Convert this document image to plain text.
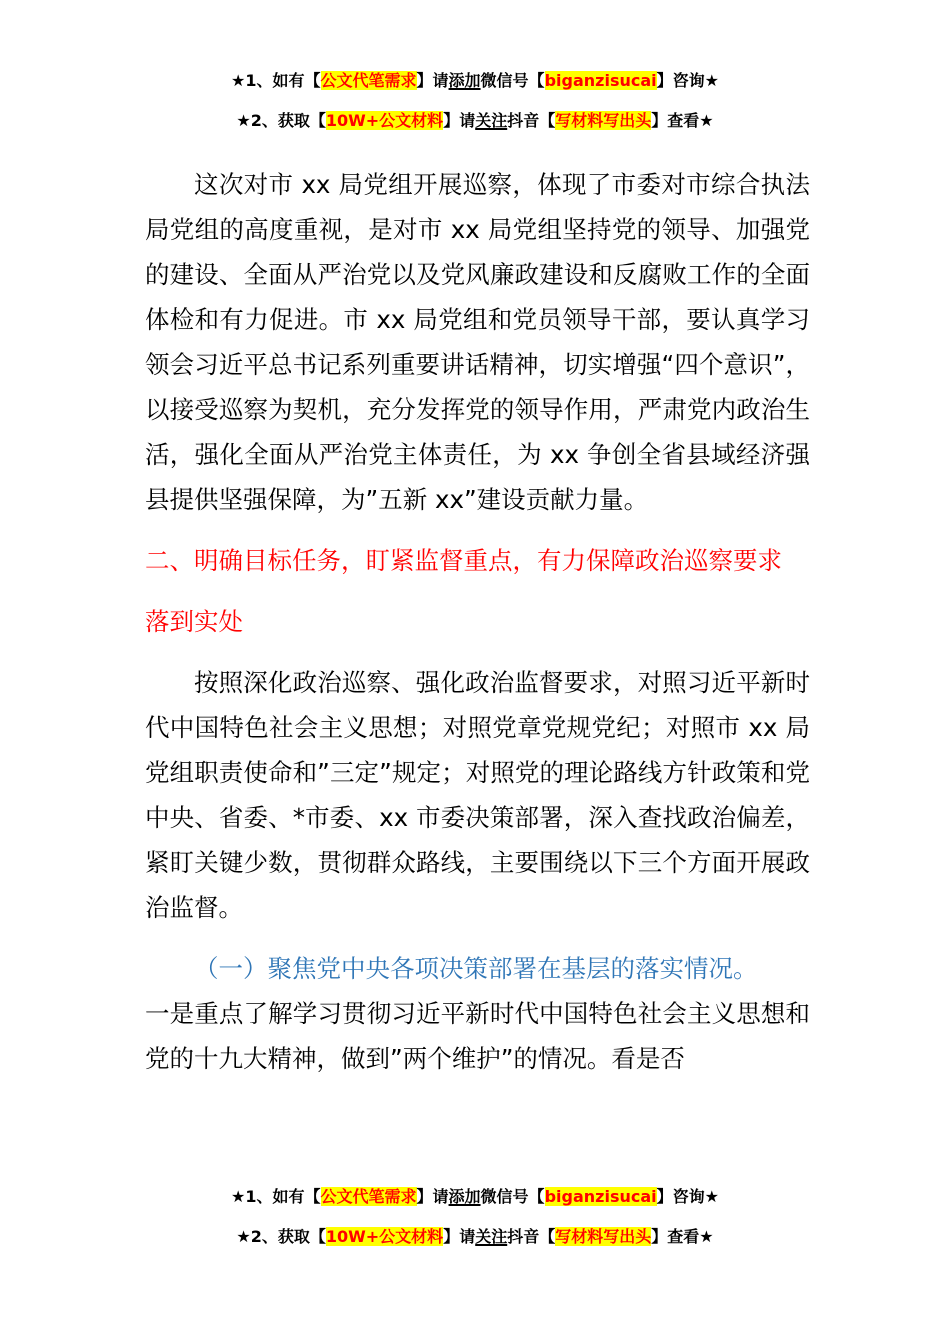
★1、如有【公文代笔需求】请添加微信号【biganzisucai】咨询★
★2、获取【10W+公文材料】请关注抖音【写材料写出头】查看★

这次对市 xx 局党组开展巡察，体现了市委对市综合执法局党组的高度重视，是对市 xx 局党组坚持党的领导、加强党的建设、全面从严治党以及党风廉政建设和反腐败工作的全面体检和有力促进。市 xx 局党组和党员领导干部，要认真学习领会习近平总书记系列重要讲话精神，切实增强“四个意识”，以接受巡察为契机，充分发挥党的领导作用，严肃党内政治生活，强化全面从严治党主体责任，为 xx 争创全省县域经济强县提供坚强保障，为”五新 xx”建设贡献力量。

二、明确目标任务，盯紧监督重点，有力保障政治巡察要求

落到实处

按照深化政治巡察、强化政治监督要求，对照习近平新时代中国特色社会主义思想；对照党章党规党纪；对照市 xx 局党组职责使命和”三定”规定；对照党的理论路线方针政策和党中央、省委、*市委、xx 市委决策部署，深入查找政治偏差，紧盯关键少数，贯彻群众路线，主要围绕以下三个方面开展政治监督。

（一）聚焦党中央各项决策部署在基层的落实情况。

一是重点了解学习贯彻习近平新时代中国特色社会主义思想和党的十九大精神，做到”两个维护”的情况。看是否

★1、如有【公文代笔需求】请添加微信号【biganzisucai】咨询★
★2、获取【10W+公文材料】请关注抖音【写材料写出头】查看★
